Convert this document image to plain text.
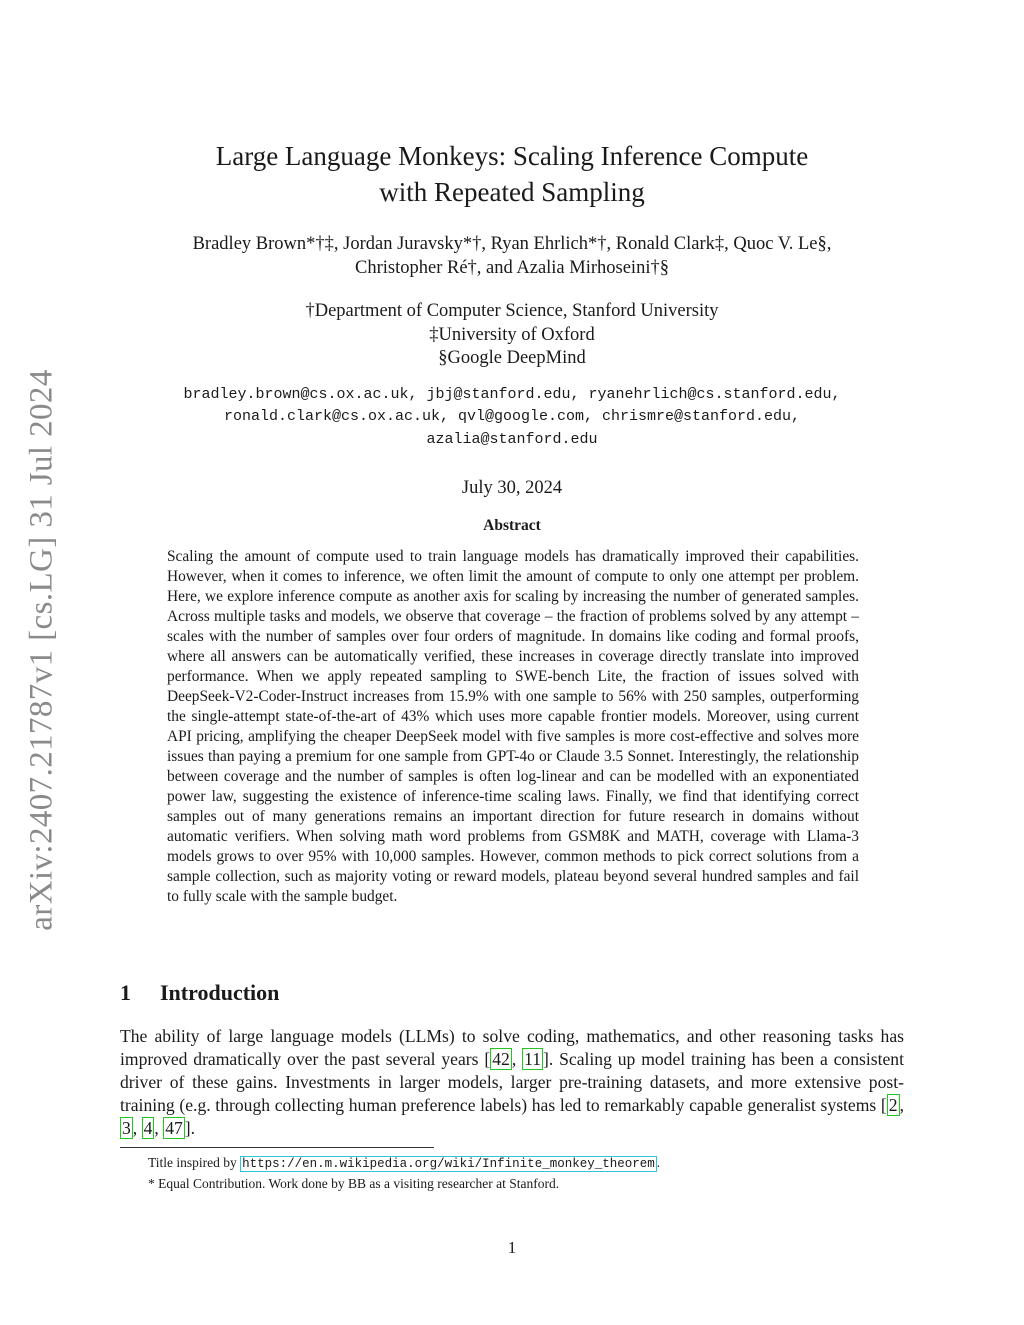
arXiv:2407.21787v1 [cs.LG] 31 Jul 2024
Large Language Monkeys: Scaling Inference Compute
with Repeated Sampling
Bradley Brown*†‡, Jordan Juravsky*†, Ryan Ehrlich*†, Ronald Clark‡, Quoc V. Le§,
Christopher Ré†, and Azalia Mirhoseini†§
†Department of Computer Science, Stanford University
‡University of Oxford
§Google DeepMind
bradley.brown@cs.ox.ac.uk, jbj@stanford.edu, ryanehrlich@cs.stanford.edu,
ronald.clark@cs.ox.ac.uk, qvl@google.com, chrismre@stanford.edu,
azalia@stanford.edu
July 30, 2024
Abstract

Scaling the amount of compute used to train language models has dramatically improved their capabilities. However, when it comes to inference, we often limit the amount of compute to only one attempt per problem. Here, we explore inference compute as another axis for scaling by increasing the number of generated samples. Across multiple tasks and models, we observe that coverage – the fraction of problems solved by any attempt – scales with the number of samples over four orders of magnitude. In domains like coding and formal proofs, where all answers can be automatically verified, these increases in coverage directly translate into improved performance. When we apply repeated sampling to SWE-bench Lite, the fraction of issues solved with DeepSeek-V2-Coder-Instruct increases from 15.9% with one sample to 56% with 250 samples, outperforming the single-attempt state-of-the-art of 43% which uses more capable frontier models. Moreover, using current API pricing, amplifying the cheaper DeepSeek model with five samples is more cost-effective and solves more issues than paying a premium for one sample from GPT-4o or Claude 3.5 Sonnet. Interestingly, the relationship between coverage and the number of samples is often log-linear and can be modelled with an exponentiated power law, suggesting the existence of inference-time scaling laws. Finally, we find that identifying correct samples out of many generations remains an important direction for future research in domains without automatic verifiers. When solving math word problems from GSM8K and MATH, coverage with Llama-3 models grows to over 95% with 10,000 samples. However, common methods to pick correct solutions from a sample collection, such as majority voting or reward models, plateau beyond several hundred samples and fail to fully scale with the sample budget.

1 Introduction

The ability of large language models (LLMs) to solve coding, mathematics, and other reasoning tasks has improved dramatically over the past several years [ 42 , 11 ]. Scaling up model training has been a consistent driver of these gains. Investments in larger models, larger pre-training datasets, and more extensive post-training (e.g. through collecting human preference labels) has led to remarkably capable generalist systems [ 2 , 3 , 4 , 47 ].

Title inspired by https://en.m.wikipedia.org/wiki/Infinite_monkey_theorem .
* Equal Contribution. Work done by BB as a visiting researcher at Stanford.
1
